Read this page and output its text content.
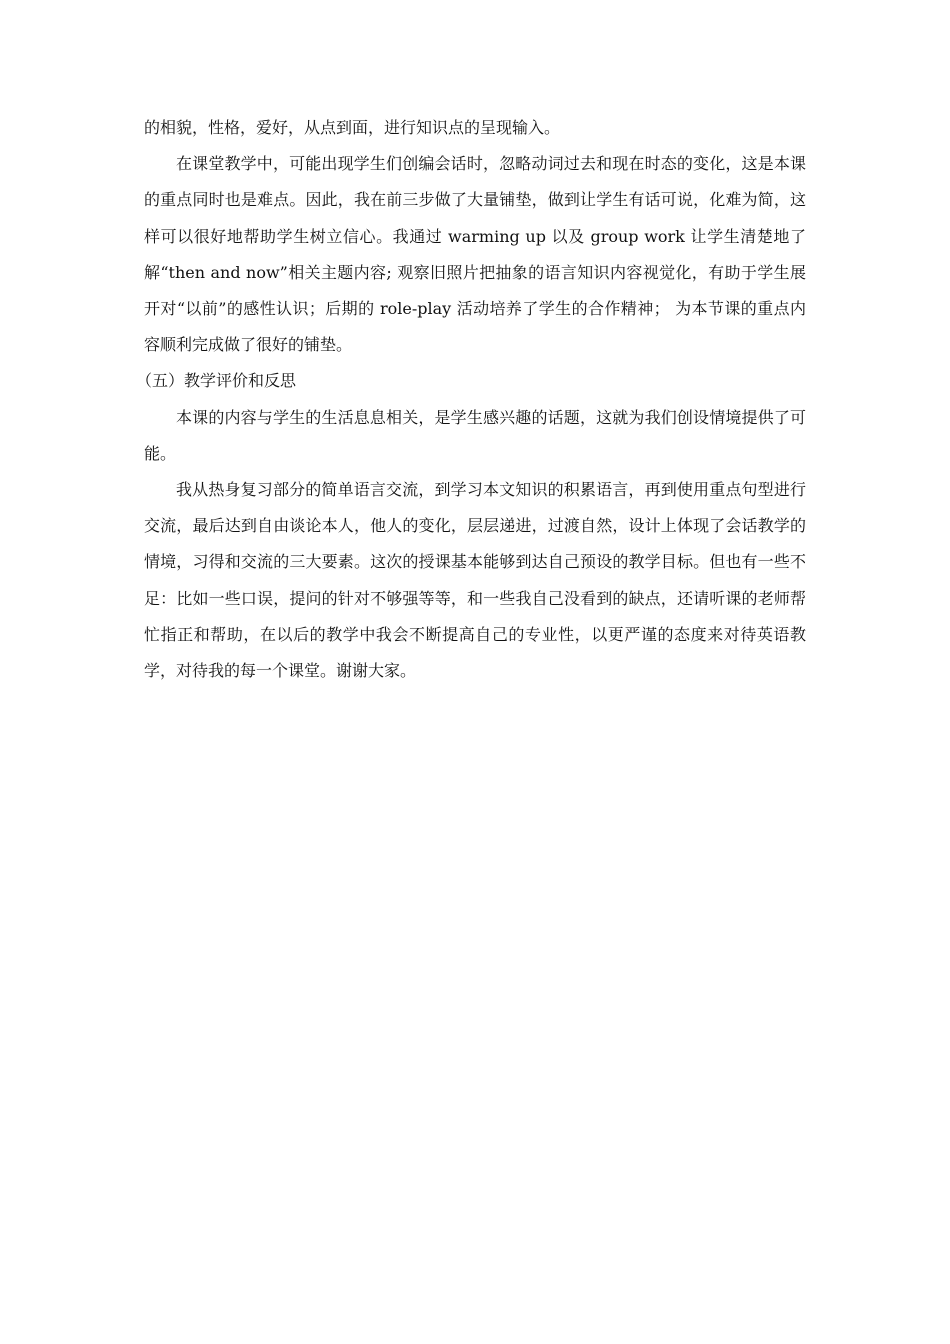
的相貌，性格，爱好，从点到面，进行知识点的呈现输入。

在课堂教学中，可能出现学生们创编会话时，忽略动词过去和现在时态的变化，这是本课的重点同时也是难点。因此，我在前三步做了大量铺垫，做到让学生有话可说，化难为简，这样可以很好地帮助学生树立信心。我通过 warming up 以及 group work 让学生清楚地了解“then and now”相关主题内容; 观察旧照片把抽象的语言知识内容视觉化，有助于学生展开对“以前”的感性认识；后期的 role-play 活动培养了学生的合作精神； 为本节课的重点内容顺利完成做了很好的铺垫。

（五）教学评价和反思

本课的内容与学生的生活息息相关，是学生感兴趣的话题，这就为我们创设情境提供了可能。

我从热身复习部分的简单语言交流，到学习本文知识的积累语言，再到使用重点句型进行交流，最后达到自由谈论本人，他人的变化，层层递进，过渡自然，设计上体现了会话教学的情境，习得和交流的三大要素。这次的授课基本能够到达自己预设的教学目标。但也有一些不足：比如一些口误，提问的针对不够强等等，和一些我自己没看到的缺点，还请听课的老师帮忙指正和帮助，在以后的教学中我会不断提高自己的专业性，以更严谨的态度来对待英语教学，对待我的每一个课堂。谢谢大家。
